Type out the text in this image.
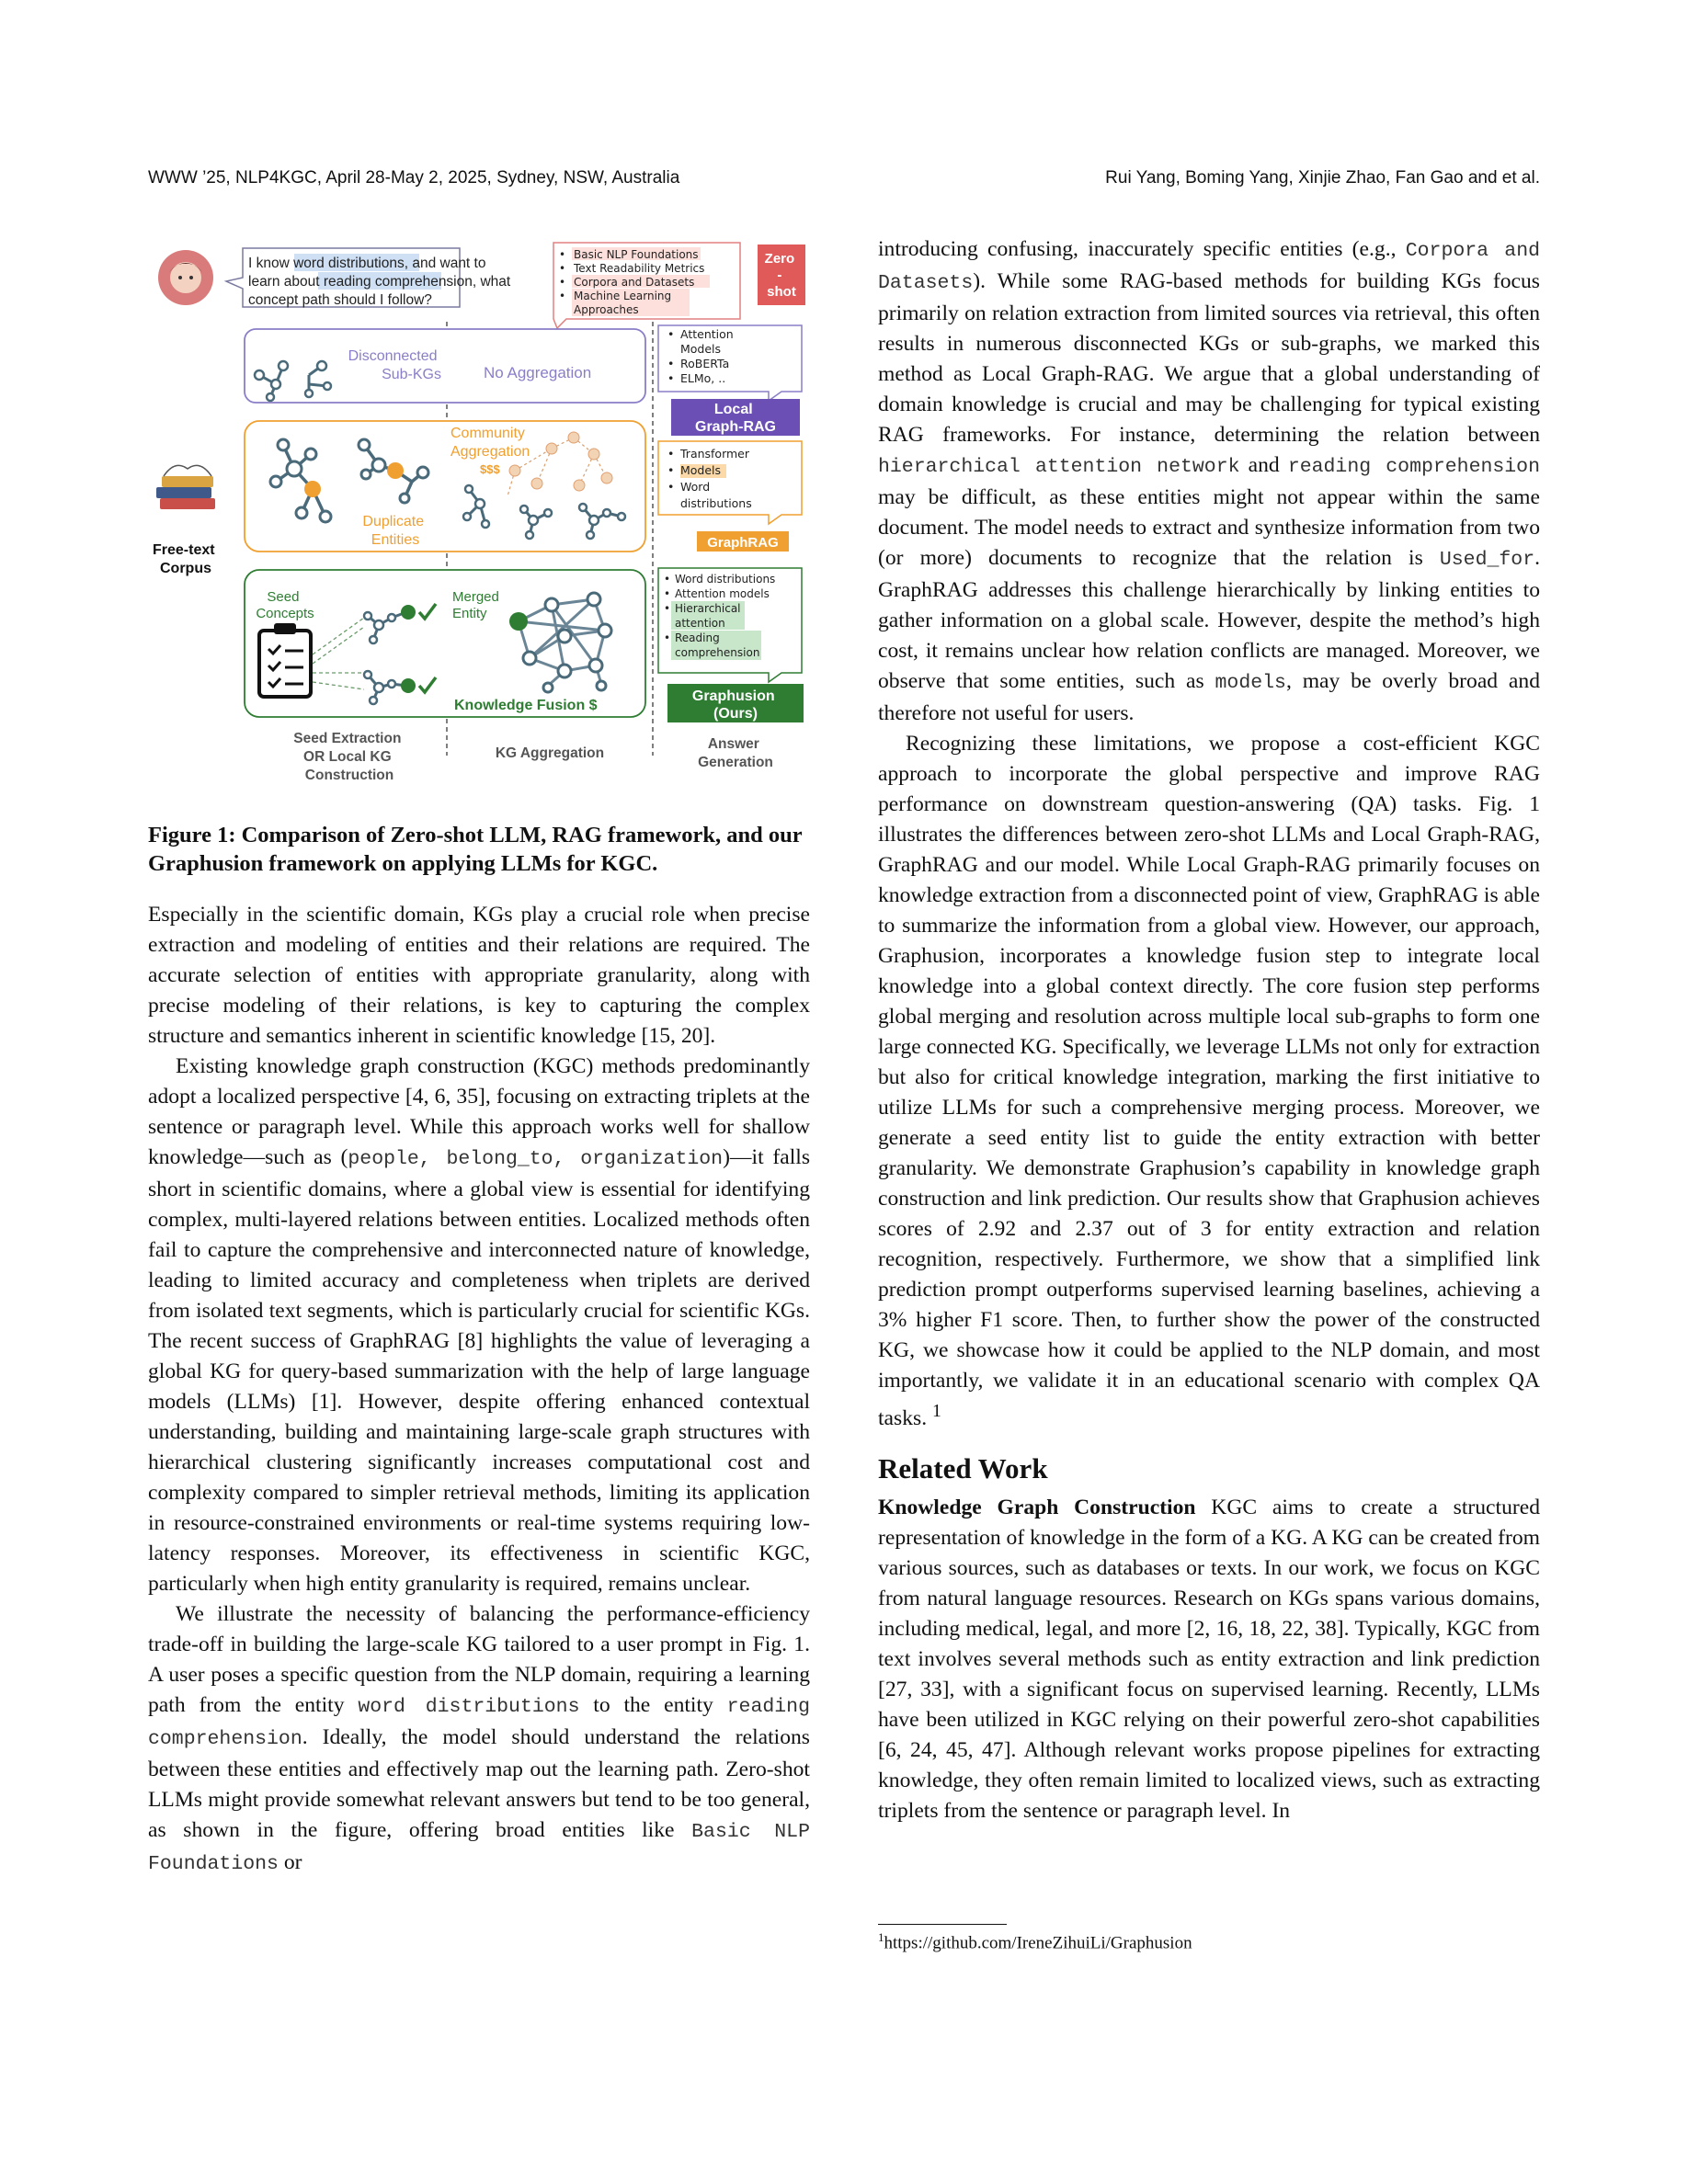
WWW ’25, NLP4KGC, April 28-May 2, 2025, Sydney, NSW, Australia	Rui Yang, Boming Yang, Xinjie Zhao, Fan Gao and et al.
I know word distributions, and want to learn about reading comprehension, what concept path should I follow?
• Basic NLP Foundations • Text Readability Metrics • Corpora and Datasets • Machine Learning Approaches
Zero - shot
Disconnected Sub-KGs	No Aggregation
• Attention Models • RoBERTa • ELMo, ..
Local Graph-RAG
Free-text Corpus
Duplicate Entities
Community Aggregation
$$$
• Transformer • Models • Word distributions
GraphRAG
Seed Concepts
Merged Entity
Knowledge Fusion $
• Word distributions • Attention models • Hierarchical attention • Reading comprehension
Graphusion (Ours)
Seed Extraction OR Local KG Construction
KG Aggregation
Answer Generation
Figure 1: Comparison of Zero-shot LLM, RAG framework, and our Graphusion framework on applying LLMs for KGC.

Especially in the scientific domain, KGs play a crucial role when precise extraction and modeling of entities and their relations are required. The accurate selection of entities with appropriate granularity, along with precise modeling of their relations, is key to capturing the complex structure and semantics inherent in scientific knowledge [15, 20].

Existing knowledge graph construction (KGC) methods predominantly adopt a localized perspective [4, 6, 35], focusing on extracting triplets at the sentence or paragraph level. While this approach works well for shallow knowledge—such as (people, belong_to, organization)—it falls short in scientific domains, where a global view is essential for identifying complex, multi-layered relations between entities. Localized methods often fail to capture the comprehensive and interconnected nature of knowledge, leading to limited accuracy and completeness when triplets are derived from isolated text segments, which is particularly crucial for scientific KGs. The recent success of GraphRAG [8] highlights the value of leveraging a global KG for query-based summarization with the help of large language models (LLMs) [1]. However, despite offering enhanced contextual understanding, building and maintaining large-scale graph structures with hierarchical clustering significantly increases computational cost and complexity compared to simpler retrieval methods, limiting its application in resource-constrained environments or real-time systems requiring low-latency responses. Moreover, its effectiveness in scientific KGC, particularly when high entity granularity is required, remains unclear.

We illustrate the necessity of balancing the performance-efficiency trade-off in building the large-scale KG tailored to a user prompt in Fig. 1. A user poses a specific question from the NLP domain, requiring a learning path from the entity word distributions to the entity reading comprehension. Ideally, the model should understand the relations between these entities and effectively map out the learning path. Zero-shot LLMs might provide somewhat relevant answers but tend to be too general, as shown in the figure, offering broad entities like Basic NLP Foundations or

introducing confusing, inaccurately specific entities (e.g., Corpora and Datasets). While some RAG-based methods for building KGs focus primarily on relation extraction from limited sources via retrieval, this often results in numerous disconnected KGs or sub-graphs, we marked this method as Local Graph-RAG. We argue that a global understanding of domain knowledge is crucial and may be challenging for typical existing RAG frameworks. For instance, determining the relation between hierarchical attention network and reading comprehension may be difficult, as these entities might not appear within the same document. The model needs to extract and synthesize information from two (or more) documents to recognize that the relation is Used_for. GraphRAG addresses this challenge hierarchically by linking entities to gather information on a global scale. However, despite the method’s high cost, it remains unclear how relation conflicts are managed. Moreover, we observe that some entities, such as models, may be overly broad and therefore not useful for users.

Recognizing these limitations, we propose a cost-efficient KGC approach to incorporate the global perspective and improve RAG performance on downstream question-answering (QA) tasks. Fig. 1 illustrates the differences between zero-shot LLMs and Local Graph-RAG, GraphRAG and our model. While Local Graph-RAG primarily focuses on knowledge extraction from a disconnected point of view, GraphRAG is able to summarize the information from a global view. However, our approach, Graphusion, incorporates a knowledge fusion step to integrate local knowledge into a global context directly. The core fusion step performs global merging and resolution across multiple local sub-graphs to form one large connected KG. Specifically, we leverage LLMs not only for extraction but also for critical knowledge integration, marking the first initiative to utilize LLMs for such a comprehensive merging process. Moreover, we generate a seed entity list to guide the entity extraction with better granularity. We demonstrate Graphusion’s capability in knowledge graph construction and link prediction. Our results show that Graphusion achieves scores of 2.92 and 2.37 out of 3 for entity extraction and relation recognition, respectively. Furthermore, we show that a simplified link prediction prompt outperforms supervised learning baselines, achieving a 3% higher F1 score. Then, to further show the power of the constructed KG, we showcase how it could be applied to the NLP domain, and most importantly, we validate it in an educational scenario with complex QA tasks. $^1$

Related Work

Knowledge Graph Construction KGC aims to create a structured representation of knowledge in the form of a KG. A KG can be created from various sources, such as databases or texts. In our work, we focus on KGC from natural language resources. Research on KGs spans various domains, including medical, legal, and more [2, 16, 18, 22, 38]. Typically, KGC from text involves several methods such as entity extraction and link prediction [27, 33], with a significant focus on supervised learning. Recently, LLMs have been utilized in KGC relying on their powerful zero-shot capabilities [6, 24, 45, 47]. Although relevant works propose pipelines for extracting knowledge, they often remain limited to localized views, such as extracting triplets from the sentence or paragraph level. In

$^1$https://github.com/IreneZihuiLi/Graphusion
